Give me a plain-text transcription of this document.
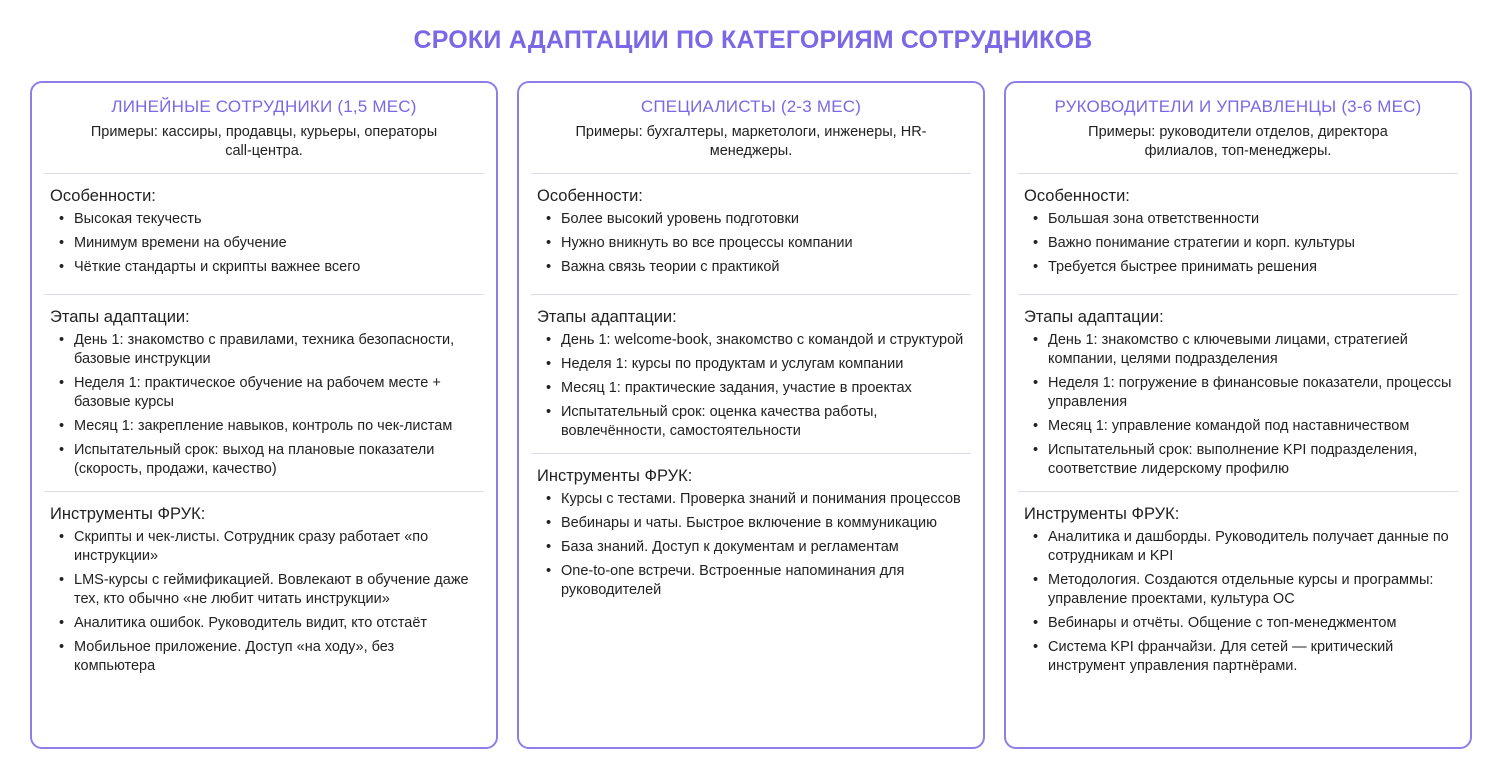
СРОКИ АДАПТАЦИИ ПО КАТЕГОРИЯМ СОТРУДНИКОВ
ЛИНЕЙНЫЕ СОТРУДНИКИ (1,5 МЕС)
Примеры: кассиры, продавцы, курьеры, операторы call-центра.
Особенности:
• Высокая текучесть
• Минимум времени на обучение
• Чёткие стандарты и скрипты важнее всего
Этапы адаптации:
• День 1: знакомство с правилами, техника безопасности, базовые инструкции
• Неделя 1: практическое обучение на рабочем месте + базовые курсы
• Месяц 1: закрепление навыков, контроль по чек-листам
• Испытательный срок: выход на плановые показатели (скорость, продажи, качество)
Инструменты ФРУК:
• Скрипты и чек-листы. Сотрудник сразу работает «по инструкции»
• LMS-курсы с геймификацией. Вовлекают в обучение даже тех, кто обычно «не любит читать инструкции»
• Аналитика ошибок. Руководитель видит, кто отстаёт
• Мобильное приложение. Доступ «на ходу», без компьютера
СПЕЦИАЛИСТЫ (2-3 МЕС)
Примеры: бухгалтеры, маркетологи, инженеры, HR-менеджеры.
Особенности:
• Более высокий уровень подготовки
• Нужно вникнуть во все процессы компании
• Важна связь теории с практикой
Этапы адаптации:
• День 1: welcome-book, знакомство с командой и структурой
• Неделя 1: курсы по продуктам и услугам компании
• Месяц 1: практические задания, участие в проектах
• Испытательный срок: оценка качества работы, вовлечённости, самостоятельности
Инструменты ФРУК:
• Курсы с тестами. Проверка знаний и понимания процессов
• Вебинары и чаты. Быстрое включение в коммуникацию
• База знаний. Доступ к документам и регламентам
• One-to-one встречи. Встроенные напоминания для руководителей
РУКОВОДИТЕЛИ И УПРАВЛЕНЦЫ (3-6 МЕС)
Примеры: руководители отделов, директора филиалов, топ-менеджеры.
Особенности:
• Большая зона ответственности
• Важно понимание стратегии и корп. культуры
• Требуется быстрее принимать решения
Этапы адаптации:
• День 1: знакомство с ключевыми лицами, стратегией компании, целями подразделения
• Неделя 1: погружение в финансовые показатели, процессы управления
• Месяц 1: управление командой под наставничеством
• Испытательный срок: выполнение KPI подразделения, соответствие лидерскому профилю
Инструменты ФРУК:
• Аналитика и дашборды. Руководитель получает данные по сотрудникам и KPI
• Методология. Создаются отдельные курсы и программы: управление проектами, культура ОС
• Вебинары и отчёты. Общение с топ-менеджментом
• Система KPI франчайзи. Для сетей — критический инструмент управления партнёрами.
